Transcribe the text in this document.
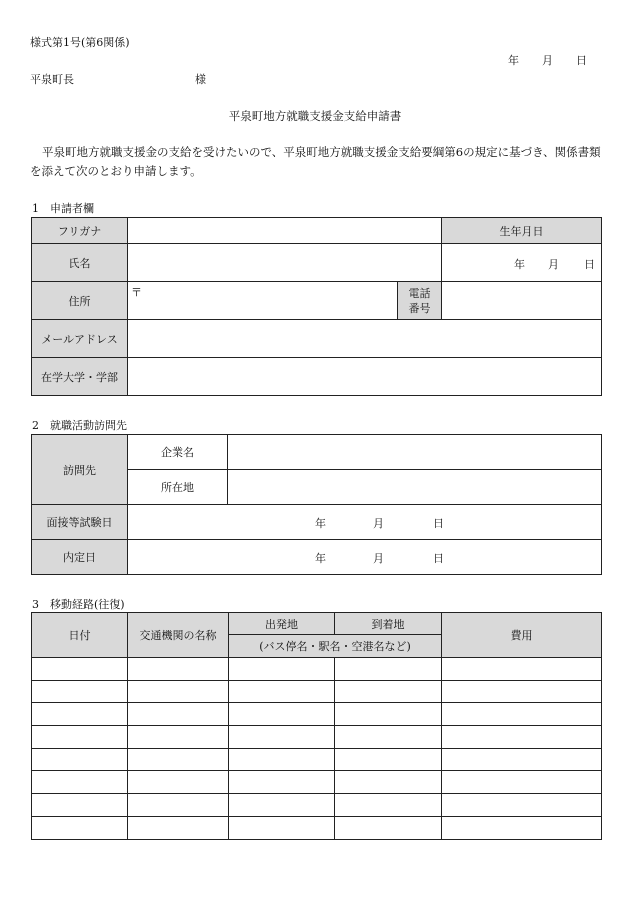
様式第1号(第6関係)
年 月 日
平泉町長	様
平泉町地方就職支援金支給申請書
平泉町地方就職支援金の支給を受けたいので、平泉町地方就職支援金支給要綱第6の規定に基づき、関係書類を添えて次のとおり申請します。
1　申請者欄
フリガナ			生年月日
氏名			年 月 日

住所	〒	電話
番号	

メールアドレス			
在学大学・学部			
2　就職活動訪問先
訪問先	企業名	
	所在地	
面接等試験日	年 月 日	

内定日	年 月 日	
3　移動経路(往復)
日付	交通機関の名称	出発地	到着地	費用
		(バス停名・駅名・空港名など)		
